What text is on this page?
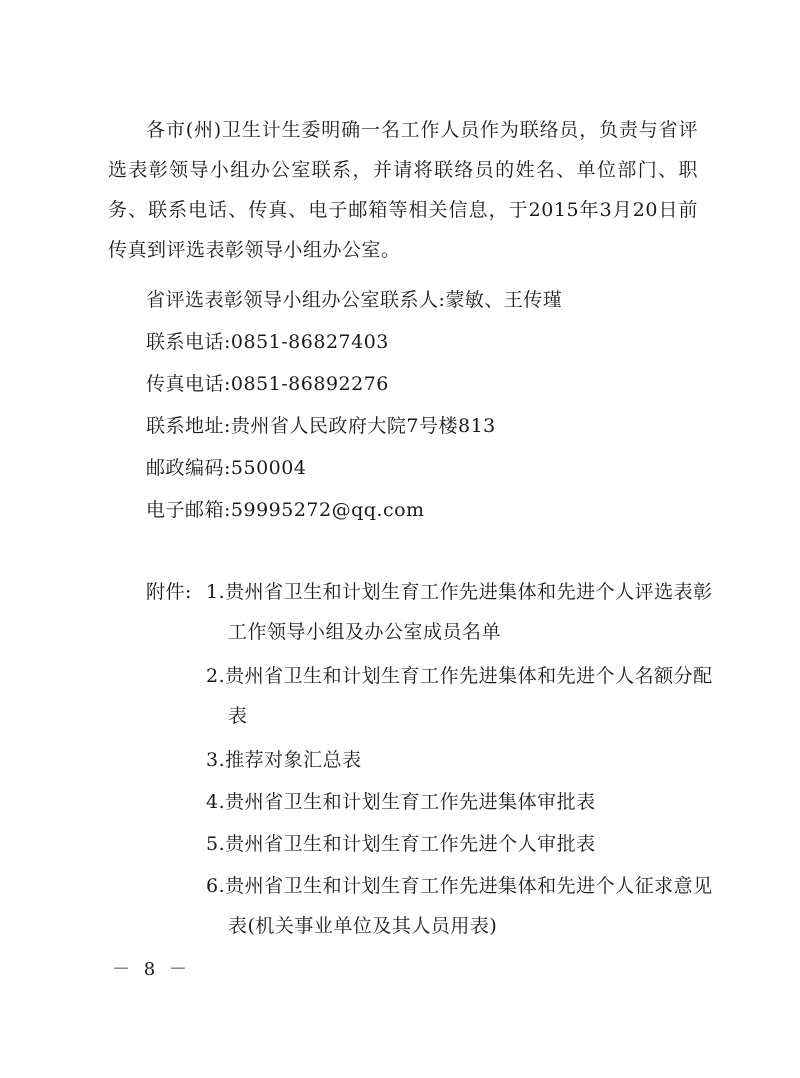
各市(州)卫生计生委明确一名工作人员作为联络员，负责与省评选表彰领导小组办公室联系，并请将联络员的姓名、单位部门、职务、联系电话、传真、电子邮箱等相关信息，于2015年3月20日前传真到评选表彰领导小组办公室。

省评选表彰领导小组办公室联系人:蒙敏、王传瑾

联系电话:0851-86827403

传真电话:0851-86892276

联系地址:贵州省人民政府大院7号楼813

邮政编码:550004

电子邮箱:59995272@qq.com

附件: 1.贵州省卫生和计划生育工作先进集体和先进个人评选表彰工作领导小组及办公室成员名单

2.贵州省卫生和计划生育工作先进集体和先进个人名额分配表

3.推荐对象汇总表

4.贵州省卫生和计划生育工作先进集体审批表

5.贵州省卫生和计划生育工作先进个人审批表

6.贵州省卫生和计划生育工作先进集体和先进个人征求意见表(机关事业单位及其人员用表)

－ 8 －
